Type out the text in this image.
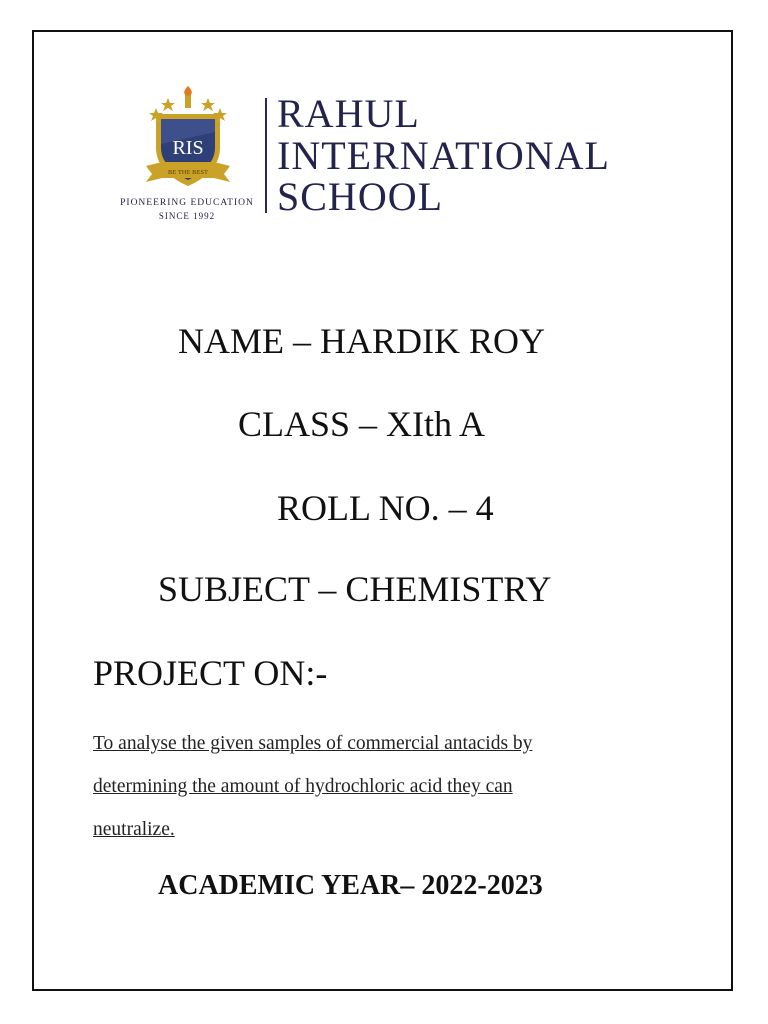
RIS
BE THE BEST
PIONEERING EDUCATION
SINCE 1992
RAHUL
INTERNATIONAL
SCHOOL
NAME – HARDIK ROY
CLASS – XIth A
ROLL NO. – 4
SUBJECT – CHEMISTRY
PROJECT ON:-
To analyse the given samples of commercial antacids by
determining the amount of hydrochloric acid they can
neutralize.
ACADEMIC YEAR– 2022-2023
